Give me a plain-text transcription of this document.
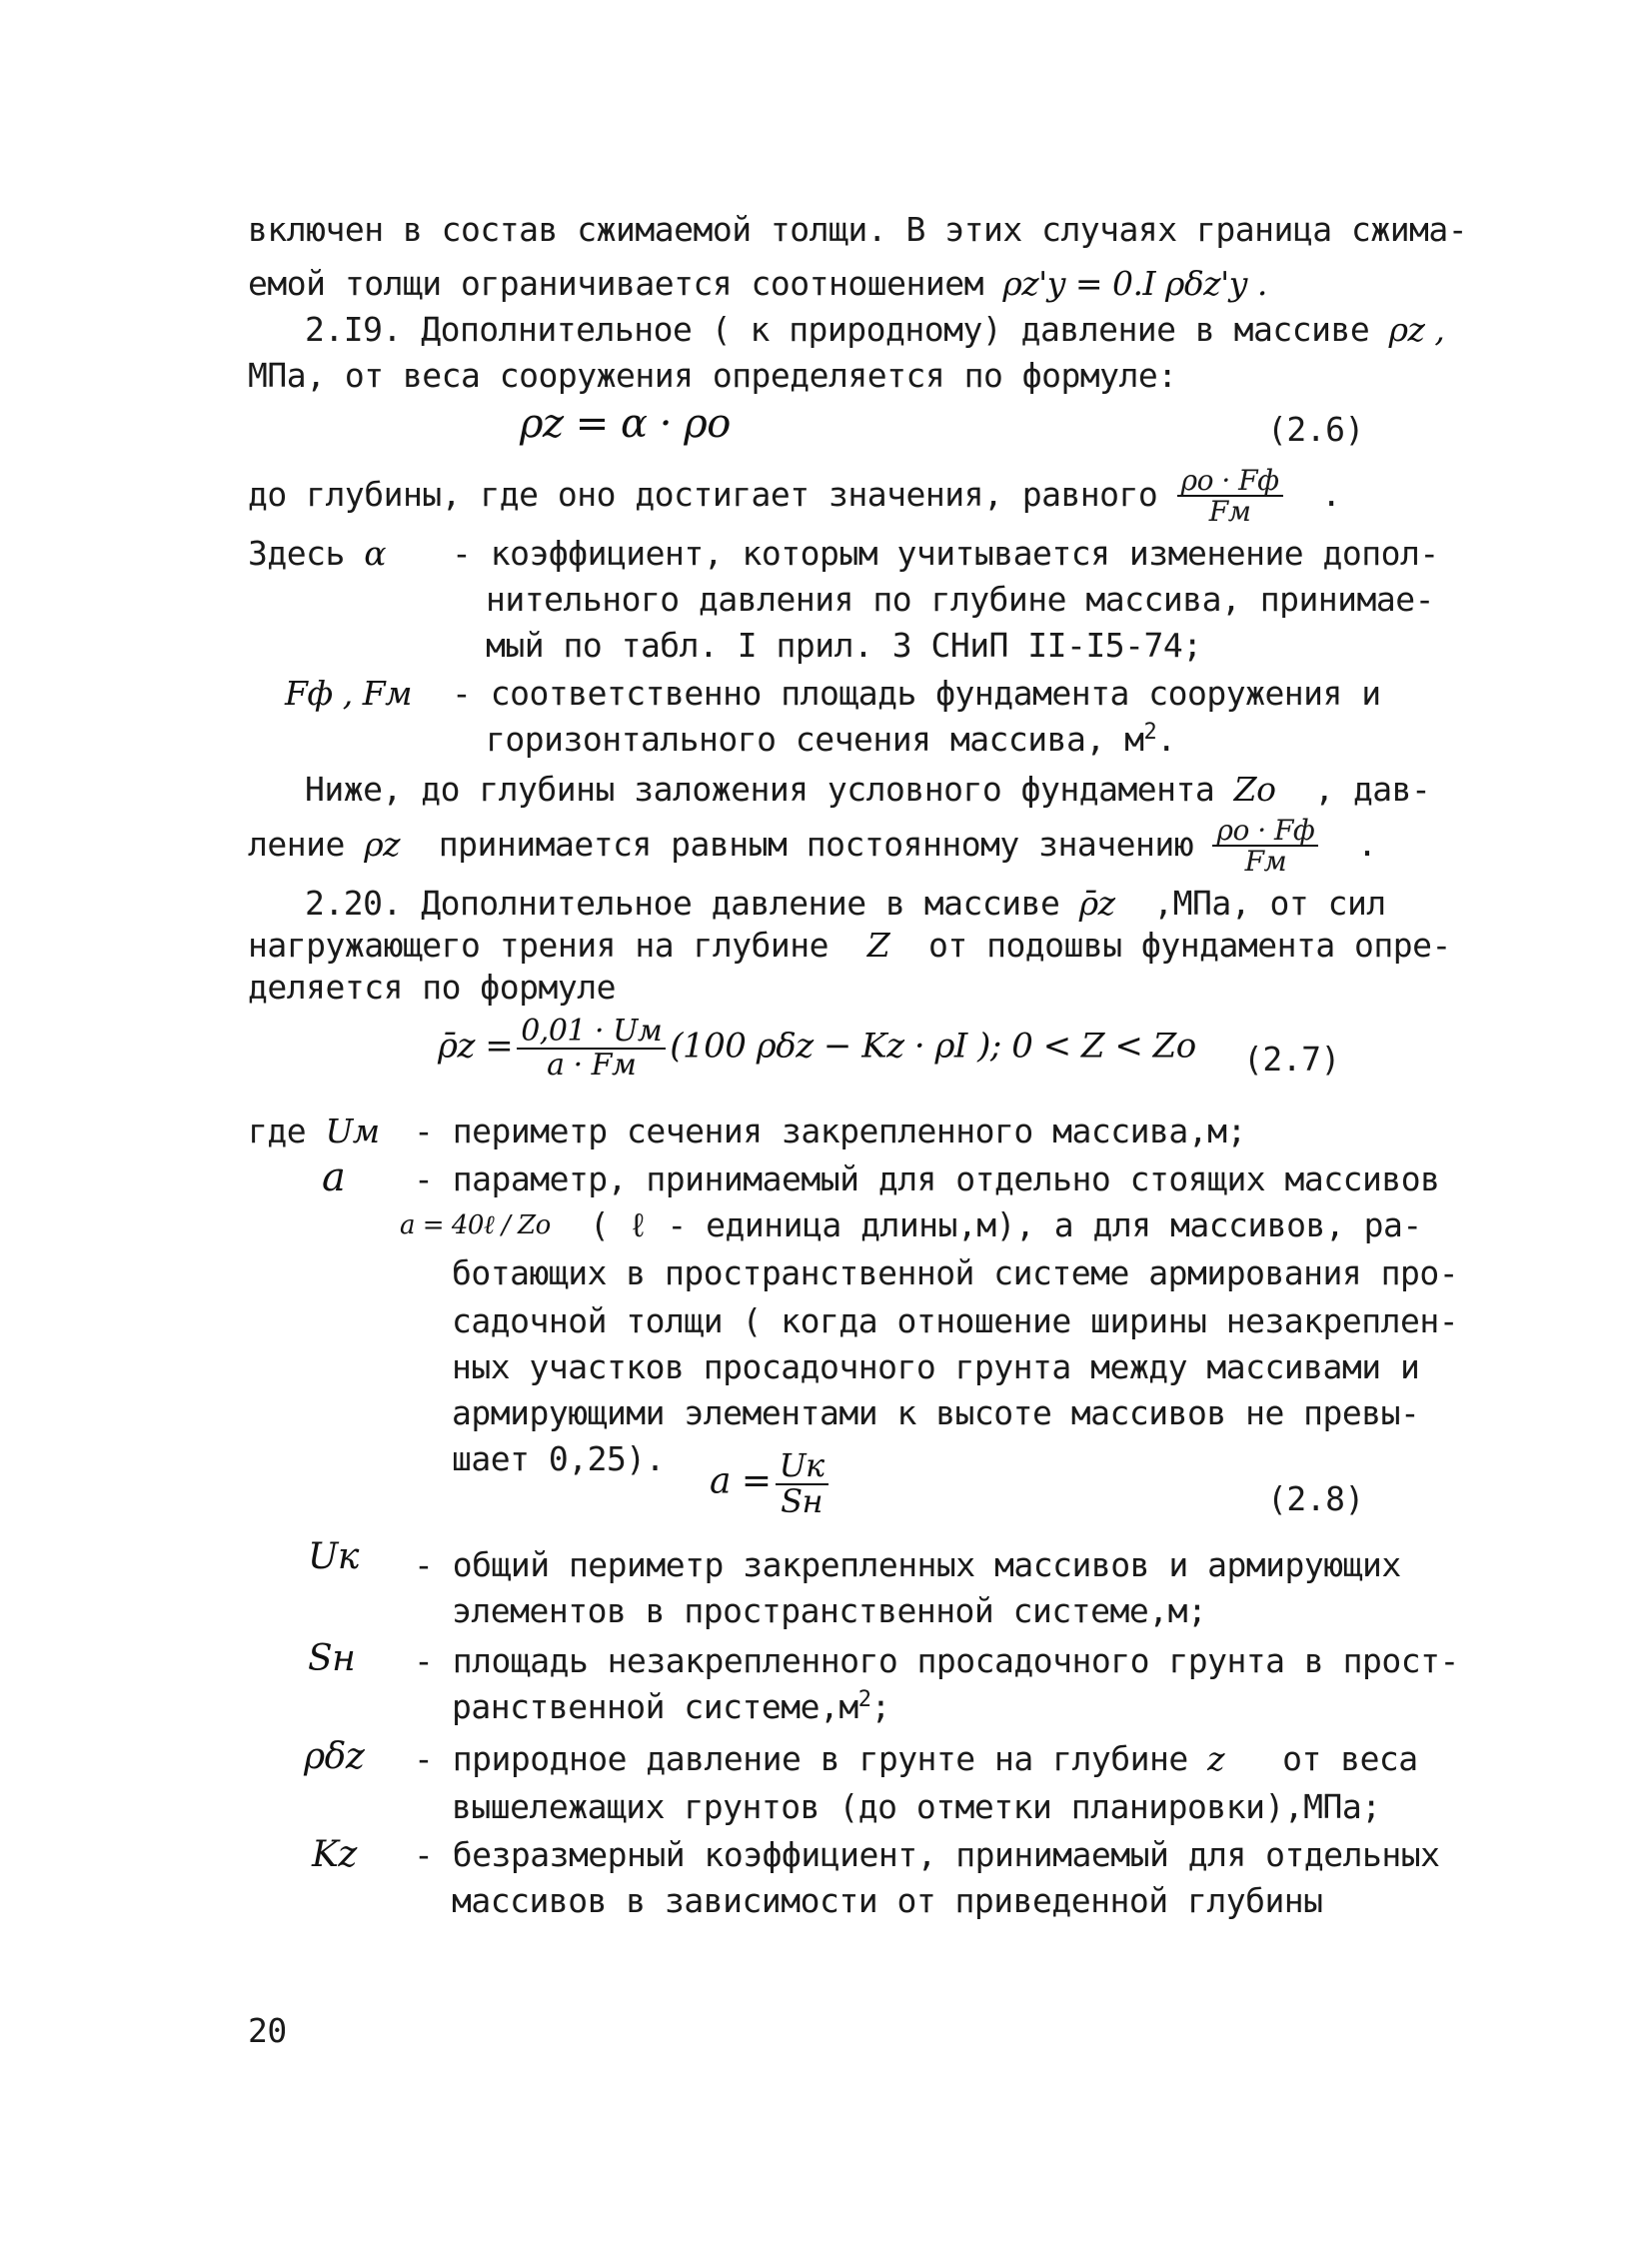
включен в состав сжимаемой толщи. В этих случаях граница сжима-
емой толщи ограничивается соотношением ρz'y = 0.I ρδz'y .
2.I9. Дополнительное ( к природному) давление в массиве ρz ,
МПа, от веса сооружения определяется по формуле:
ρz = α · ρo	(2.6)
до глубины, где оно достигает значения, равного $\frac{\rho o \cdot Fф}{Fм}$ .
Здесь α - коэффициент, которым учитывается изменение допол-
нительного давления по глубине массива, принимае-
мый по табл. I прил. 3 СНиП II-I5-74;
Fф , Fм - соответственно площадь фундамента сооружения и
горизонтального сечения массива, $м^2$.
Ниже, до глубины заложения условного фундамента Zo , дав-
ление ρz принимается равным постоянному значению $\frac{\rho o \cdot Fф}{Fм}$ .
2.20. Дополнительное давление в массиве ρ̄z ,МПа, от сил
нагружающего трения на глубине Z от подошвы фундамента опре-
деляется по формуле
ρ̄z = $\frac{0,01 \cdot Uм}{a \cdot Fм} (100$ ρδz − Kz · ρI ); 0 < Z < Zo (2.7)
где Uм - периметр сечения закрепленного массива,м;
a - параметр, принимаемый для отдельно стоящих массивов
a = 40ℓ / Zo ( ℓ - единица длины,м), а для массивов, ра-
ботающих в пространственной системе армирования про-
садочной толщи ( когда отношение ширины незакреплен-
ных участков просадочного грунта между массивами и
армирующими элементами к высоте массивов не превы-
шает 0,25).
$a = \frac{Uк}{Sн}$	(2.8)
Uк - общий периметр закрепленных массивов и армирующих
элементов в пространственной системе,м;
Sн - площадь незакрепленного просадочного грунта в прост-
ранственной $системе,м^2$;
ρδz - природное давление в грунте на глубине z от веса
вышележащих грунтов (до отметки планировки),МПа;
Kz - безразмерный коэффициент, принимаемый для отдельных
массивов в зависимости от приведенной глубины
20
